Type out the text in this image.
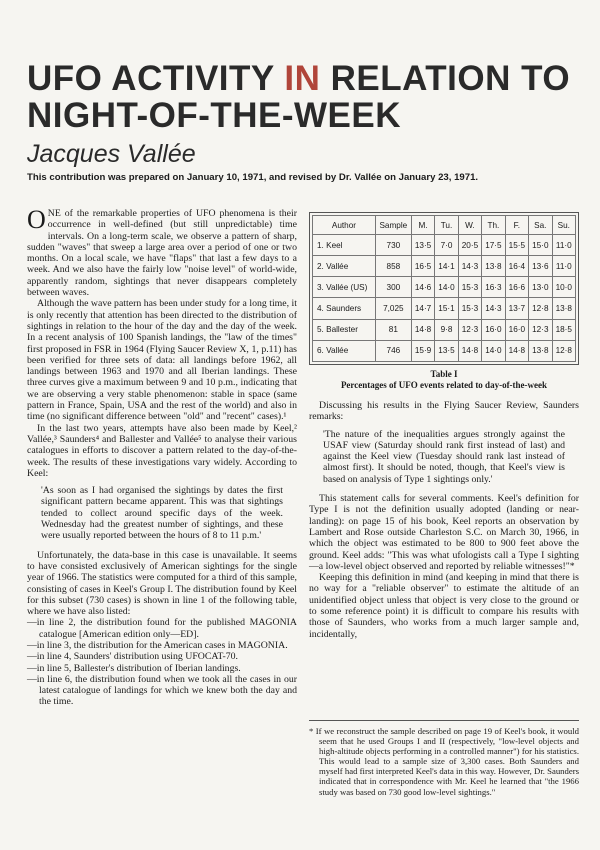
UFO ACTIVITY IN RELATION TO NIGHT-OF-THE-WEEK

Jacques Vallée

This contribution was prepared on January 10, 1971, and revised by Dr. Vallée on January 23, 1971.

ONE of the remarkable properties of UFO phenomena is their occurrence in well-defined (but still unpredictable) time intervals. On a long-term scale, we observe a pattern of sharp, sudden "waves" that sweep a large area over a period of one or two months. On a local scale, we have "flaps" that last a few days to a week. And we also have the fairly low "noise level" of world-wide, apparently random, sightings that never disappears completely between waves.

Although the wave pattern has been under study for a long time, it is only recently that attention has been directed to the distribution of sightings in relation to the hour of the day and the day of the week. In a recent analysis of 100 Spanish landings, the "law of the times" first proposed in FSR in 1964 (Flying Saucer Review X, 1, p.11) has been verified for three sets of data: all landings before 1962, all landings between 1963 and 1970 and all Iberian landings. These three curves give a maximum between 9 and 10 p.m., indicating that we are observing a very stable phenomenon: stable in space (same pattern in France, Spain, USA and the rest of the world) and also in time (no significant difference between "old" and "recent" cases).¹

In the last two years, attempts have also been made by Keel,² Vallée,³ Saunders⁴ and Ballester and Vallée⁵ to analyse their various catalogues in efforts to discover a pattern related to the day-of-the-week. The results of these investigations vary widely. According to Keel:

'As soon as I had organised the sightings by dates the first significant pattern became apparent. This was that sightings tended to collect around specific days of the week. Wednesday had the greatest number of sightings, and these were usually reported between the hours of 8 to 11 p.m.'

Unfortunately, the data-base in this case is unavailable. It seems to have consisted exclusively of American sightings for the single year of 1966. The statistics were computed for a third of this sample, consisting of cases in Keel's Group I. The distribution found by Keel for this subset (730 cases) is shown in line 1 of the following table, where we have also listed:

—in line 2, the distribution found for the published MAGONIA catalogue [American edition only—ED].
—in line 3, the distribution for the American cases in MAGONIA.
—in line 4, Saunders' distribution using UFOCAT-70.
—in line 5, Ballester's distribution of Iberian landings.
—in line 6, the distribution found when we took all the cases in our latest catalogue of landings for which we knew both the day and the time.
Author	Sample	M.	Tu.	W.	Th.	F.	Sa.	Su.
1. Keel	730	13·5	7·0	20·5	17·5	15·5	15·0	11·0
2. Vallée	858	16·5	14·1	14·3	13·8	16·4	13·6	11·0
3. Vallée (US)	300	14·6	14·0	15·3	16·3	16·6	13·0	10·0
4. Saunders	7,025	14·7	15·1	15·3	14·3	13·7	12·8	13·8
5. Ballester	81	14·8	9·8	12·3	16·0	16·0	12·3	18·5
6. Vallée	746	15·9	13·5	14·8	14·0	14·8	13·8	12·8

Table I
Percentages of UFO events related to day-of-the-week

Discussing his results in the Flying Saucer Review, Saunders remarks:

'The nature of the inequalities argues strongly against the USAF view (Saturday should rank first instead of last) and against the Keel view (Tuesday should rank last instead of almost first). It should be noted, though, that Keel's view is based on analysis of Type 1 sightings only.'

This statement calls for several comments. Keel's definition for Type I is not the definition usually adopted (landing or near-landing): on page 15 of his book, Keel reports an observation by Lambert and Rose outside Charleston S.C. on March 30, 1966, in which the object was estimated to be 800 to 900 feet above the ground. Keel adds: "This was what ufologists call a Type I sighting—a low-level object observed and reported by reliable witnesses!"*

Keeping this definition in mind (and keeping in mind that there is no way for a "reliable observer" to estimate the altitude of an unidentified object unless that object is very close to the ground or to some reference point) it is difficult to compare his results with those of Saunders, who works from a much larger sample and, incidentally,

* If we reconstruct the sample described on page 19 of Keel's book, it would seem that he used Groups I and II (respectively, "low-level objects and high-altitude objects performing in a controlled manner") for his statistics. This would lead to a sample size of 3,300 cases. Both Saunders and myself had first interpreted Keel's data in this way. However, Dr. Saunders indicated that in correspondence with Mr. Keel he learned that "the 1966 study was based on 730 good low-level sightings."
